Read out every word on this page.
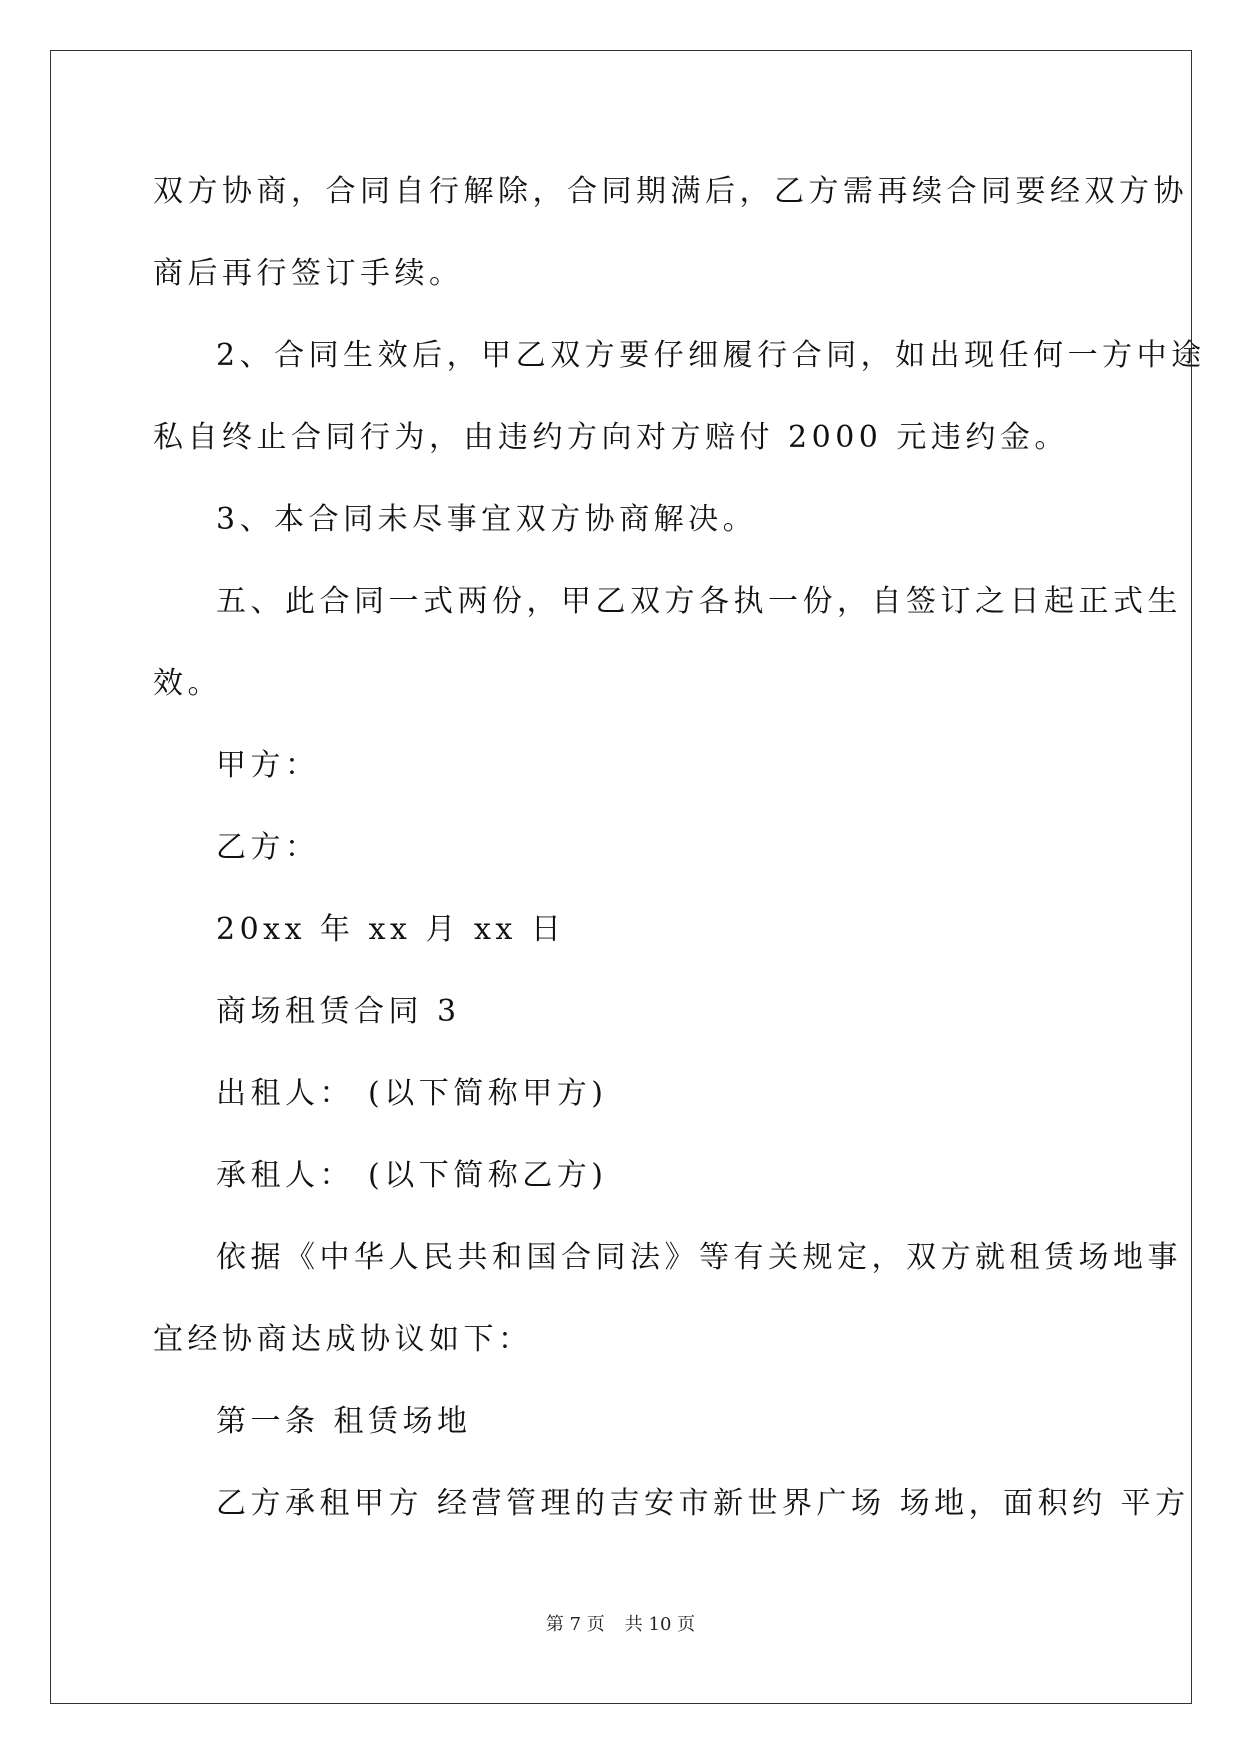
双方协商，合同自行解除，合同期满后，乙方需再续合同要经双方协
商后再行签订手续。
2、合同生效后，甲乙双方要仔细履行合同，如出现任何一方中途
私自终止合同行为，由违约方向对方赔付 2000 元违约金。
3、本合同未尽事宜双方协商解决。
五、此合同一式两份，甲乙双方各执一份，自签订之日起正式生
效。
甲方：
乙方：
20xx 年 xx 月 xx 日
商场租赁合同 3
出租人： (以下简称甲方)
承租人： (以下简称乙方)
依据《中华人民共和国合同法》等有关规定，双方就租赁场地事
宜经协商达成协议如下：
第一条 租赁场地
乙方承租甲方 经营管理的吉安市新世界广场 场地，面积约 平方
第 7 页 共 10 页
